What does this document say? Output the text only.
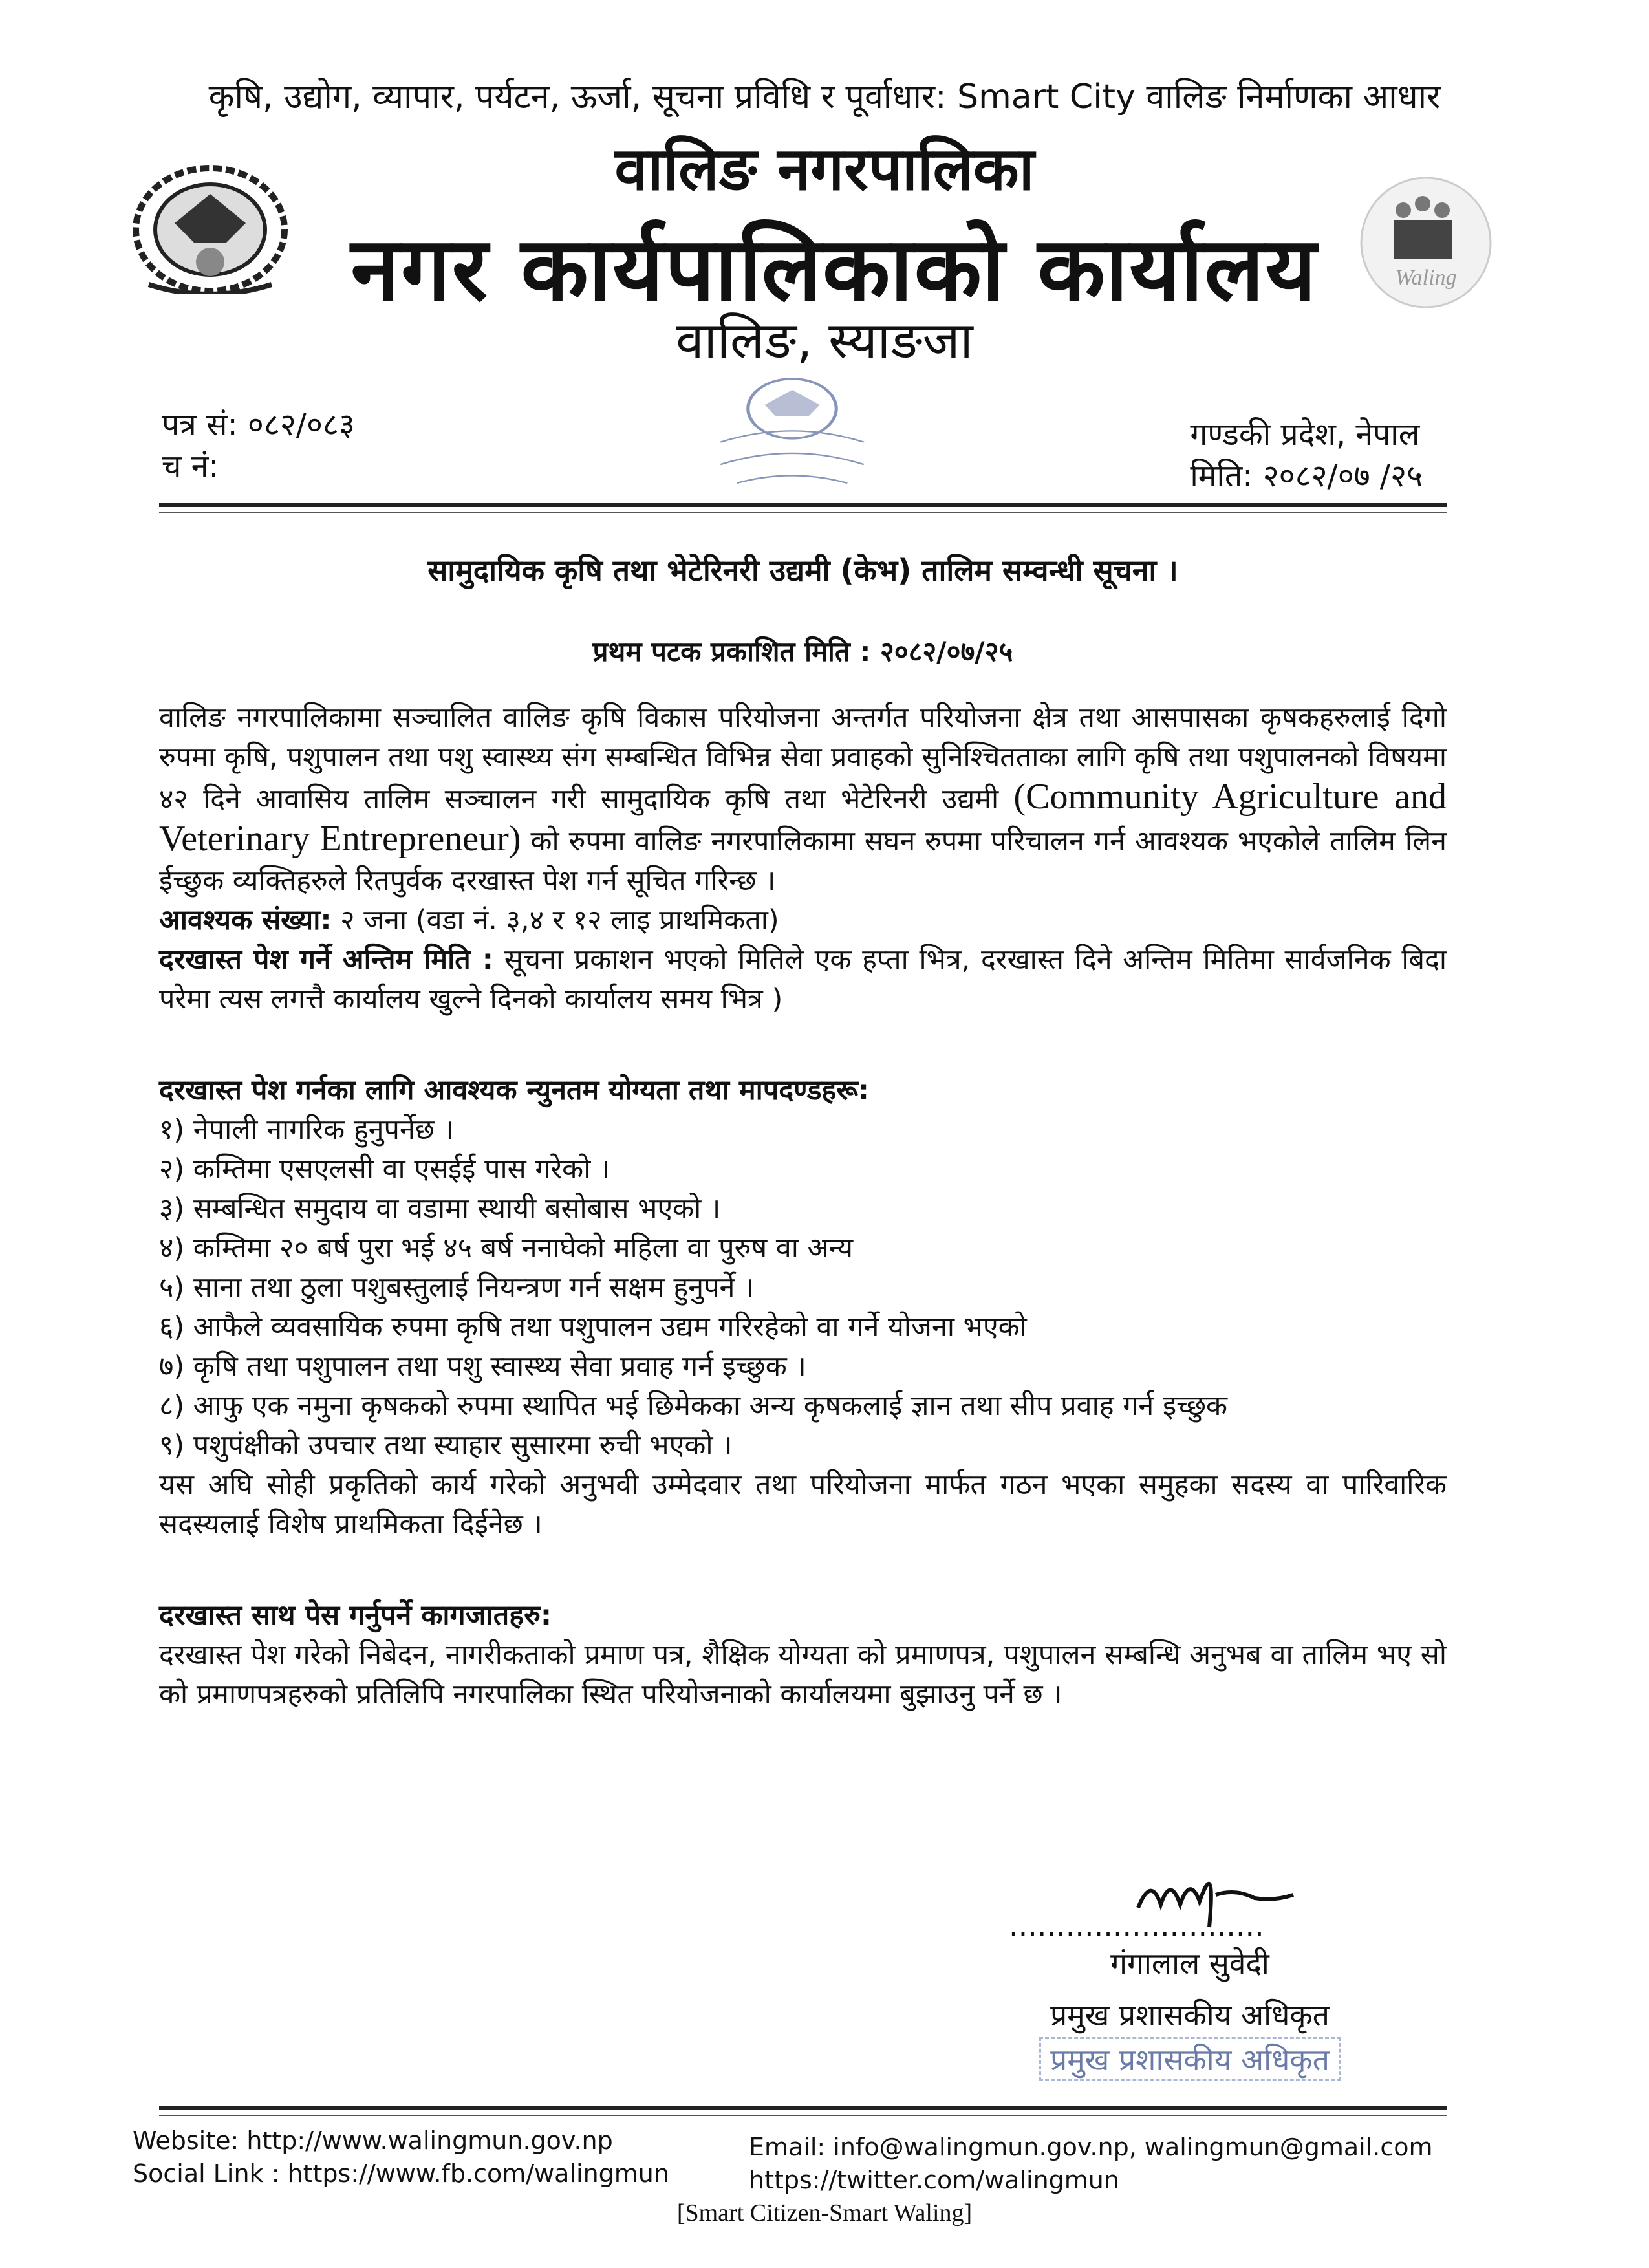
कृषि, उद्योग, व्यापार, पर्यटन, ऊर्जा, सूचना प्रविधि र पूर्वाधार: Smart City वालिङ निर्माणका आधार
वालिङ नगरपालिका
नगर कार्यपालिकाको कार्यालय
वालिङ, स्याङजा
Waling
पत्र सं: ०८२/०८३
च नं:
गण्डकी प्रदेश, नेपाल
मिति: २०८२/०७ /२५
सामुदायिक कृषि तथा भेटेरिनरी उद्यमी (केभ) तालिम सम्वन्धी सूचना ।
प्रथम पटक प्रकाशित मिति : २०८२/०७/२५

वालिङ नगरपालिकामा सञ्चालित वालिङ कृषि विकास परियोजना अन्तर्गत परियोजना क्षेत्र तथा आसपासका कृषकहरुलाई दिगो रुपमा कृषि, पशुपालन तथा पशु स्वास्थ्य संग सम्बन्धित विभिन्न सेवा प्रवाहको सुनिश्चितताका लागि कृषि तथा पशुपालनको विषयमा ४२ दिने आवासिय तालिम सञ्चालन गरी सामुदायिक कृषि तथा भेटेरिनरी उद्यमी (Community Agriculture and Veterinary Entrepreneur) को रुपमा वालिङ नगरपालिकामा सघन रुपमा परिचालन गर्न आवश्यक भएकोले तालिम लिन ईच्छुक व्यक्तिहरुले रितपुर्वक दरखास्त पेश गर्न सूचित गरिन्छ ।

आवश्यक संख्या: २ जना (वडा नं. ३,४ र १२ लाइ प्राथमिकता)

दरखास्त पेश गर्ने अन्तिम मिति : सूचना प्रकाशन भएको मितिले एक हप्ता भित्र, दरखास्त दिने अन्तिम मितिमा सार्वजनिक बिदा परेमा त्यस लगत्तै कार्यालय खुल्ने दिनको कार्यालय समय भित्र )

दरखास्त पेश गर्नका लागि आवश्यक न्युनतम योग्यता तथा मापदण्डहरू:

१) नेपाली नागरिक हुनुपर्नेछ ।

२) कम्तिमा एसएलसी वा एसईई पास गरेको ।

३) सम्बन्धित समुदाय वा वडामा स्थायी बसोबास भएको ।

४) कम्तिमा २० बर्ष पुरा भई ४५ बर्ष ननाघेको महिला वा पुरुष वा अन्य

५) साना तथा ठुला पशुबस्तुलाई नियन्त्रण गर्न सक्षम हुनुपर्ने ।

६) आफैले व्यवसायिक रुपमा कृषि तथा पशुपालन उद्यम गरिरहेको वा गर्ने योजना भएको

७) कृषि तथा पशुपालन तथा पशु स्वास्थ्य सेवा प्रवाह गर्न इच्छुक ।

८) आफु एक नमुना कृषकको रुपमा स्थापित भई छिमेकका अन्य कृषकलाई ज्ञान तथा सीप प्रवाह गर्न इच्छुक

९) पशुपंक्षीको उपचार तथा स्याहार सुसारमा रुची भएको ।

यस अघि सोही प्रकृतिको कार्य गरेको अनुभवी उम्मेदवार तथा परियोजना मार्फत गठन भएका समुहका सदस्य वा पारिवारिक सदस्यलाई विशेष प्राथमिकता दिईनेछ ।

दरखास्त साथ पेस गर्नुपर्ने कागजातहरु:

दरखास्त पेश गरेको निबेदन, नागरीकताको प्रमाण पत्र, शैक्षिक योग्यता को प्रमाणपत्र, पशुपालन सम्बन्धि अनुभब वा तालिम भए सो को प्रमाणपत्रहरुको प्रतिलिपि नगरपालिका स्थित परियोजनाको कार्यालयमा बुझाउनु पर्ने छ ।

...........................
गंगालाल सुवेदी
प्रमुख प्रशासकीय अधिकृत
प्रमुख प्रशासकीय अधिकृत
Website: http://www.walingmun.gov.np
Social Link : https://www.fb.com/walingmun
Email: info@walingmun.gov.np, walingmun@gmail.com
https://twitter.com/walingmun
[Smart Citizen-Smart Waling]
